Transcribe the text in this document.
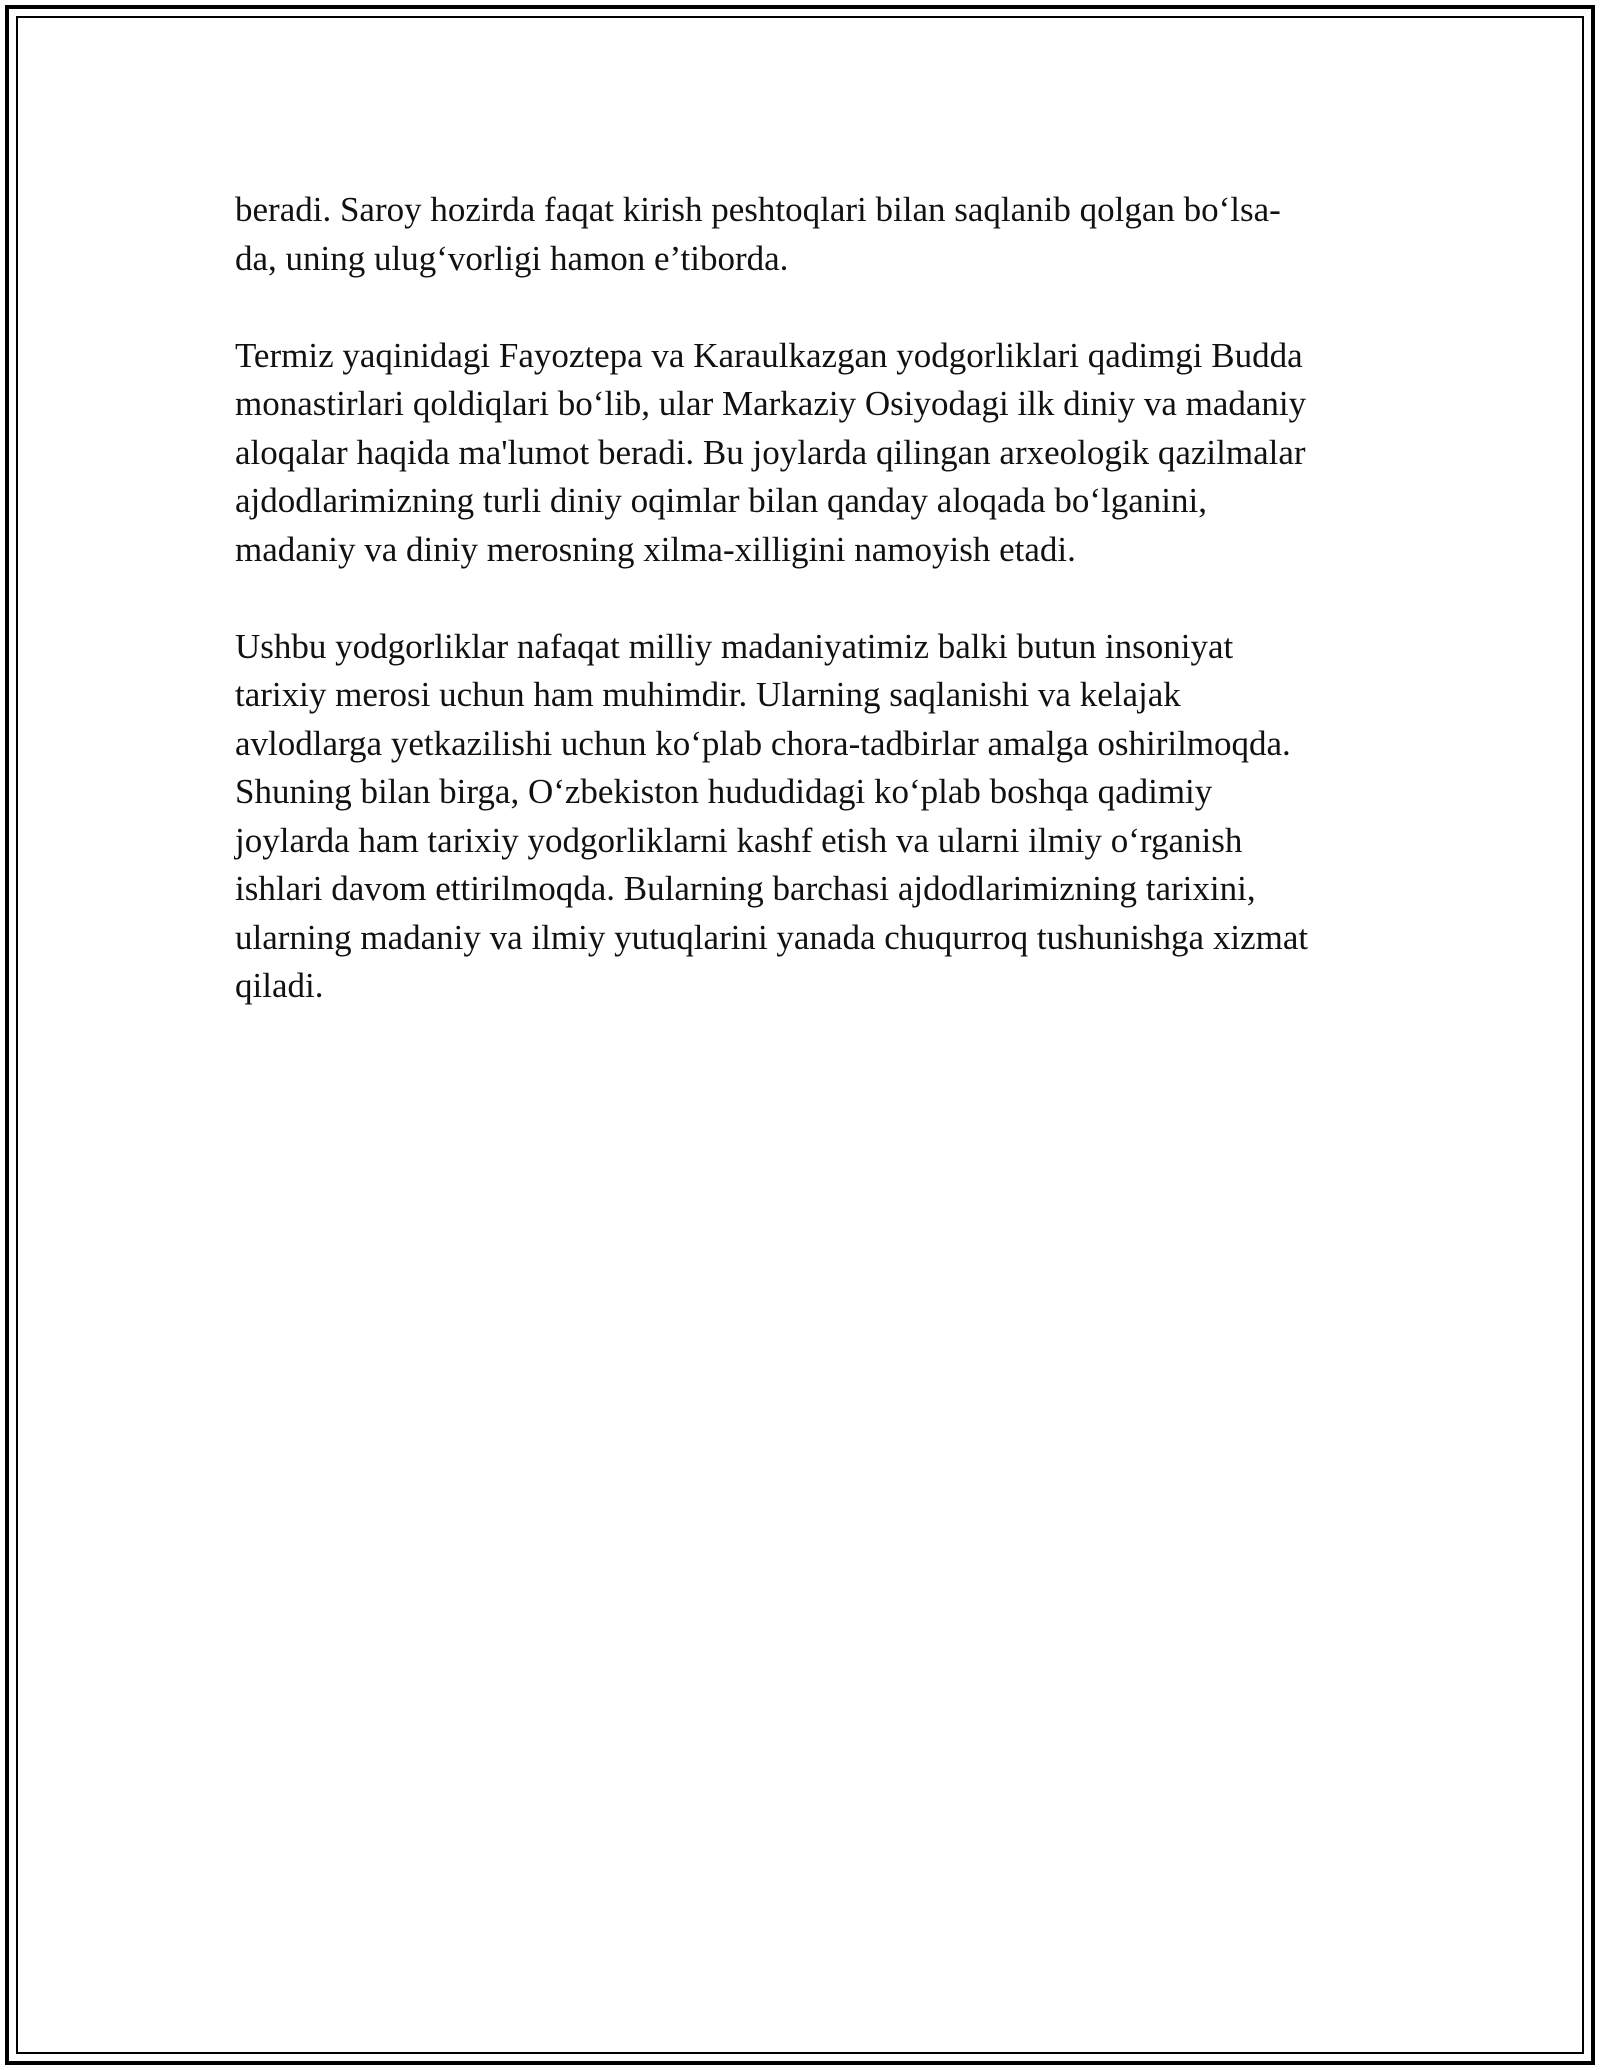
beradi. Saroy hozirda faqat kirish peshtoqlari bilan saqlanib qolgan bo‘lsa-
da, uning ulug‘vorligi hamon e’tiborda.

Termiz yaqinidagi Fayoztepa va Karaulkazgan yodgorliklari qadimgi Budda
monastirlari qoldiqlari bo‘lib, ular Markaziy Osiyodagi ilk diniy va madaniy
aloqalar haqida ma'lumot beradi. Bu joylarda qilingan arxeologik qazilmalar
ajdodlarimizning turli diniy oqimlar bilan qanday aloqada bo‘lganini,
madaniy va diniy merosning xilma-xilligini namoyish etadi.

Ushbu yodgorliklar nafaqat milliy madaniyatimiz balki butun insoniyat
tarixiy merosi uchun ham muhimdir. Ularning saqlanishi va kelajak
avlodlarga yetkazilishi uchun ko‘plab chora-tadbirlar amalga oshirilmoqda.
Shuning bilan birga, O‘zbekiston hududidagi ko‘plab boshqa qadimiy
joylarda ham tarixiy yodgorliklarni kashf etish va ularni ilmiy o‘rganish
ishlari davom ettirilmoqda. Bularning barchasi ajdodlarimizning tarixini,
ularning madaniy va ilmiy yutuqlarini yanada chuqurroq tushunishga xizmat
qiladi.
